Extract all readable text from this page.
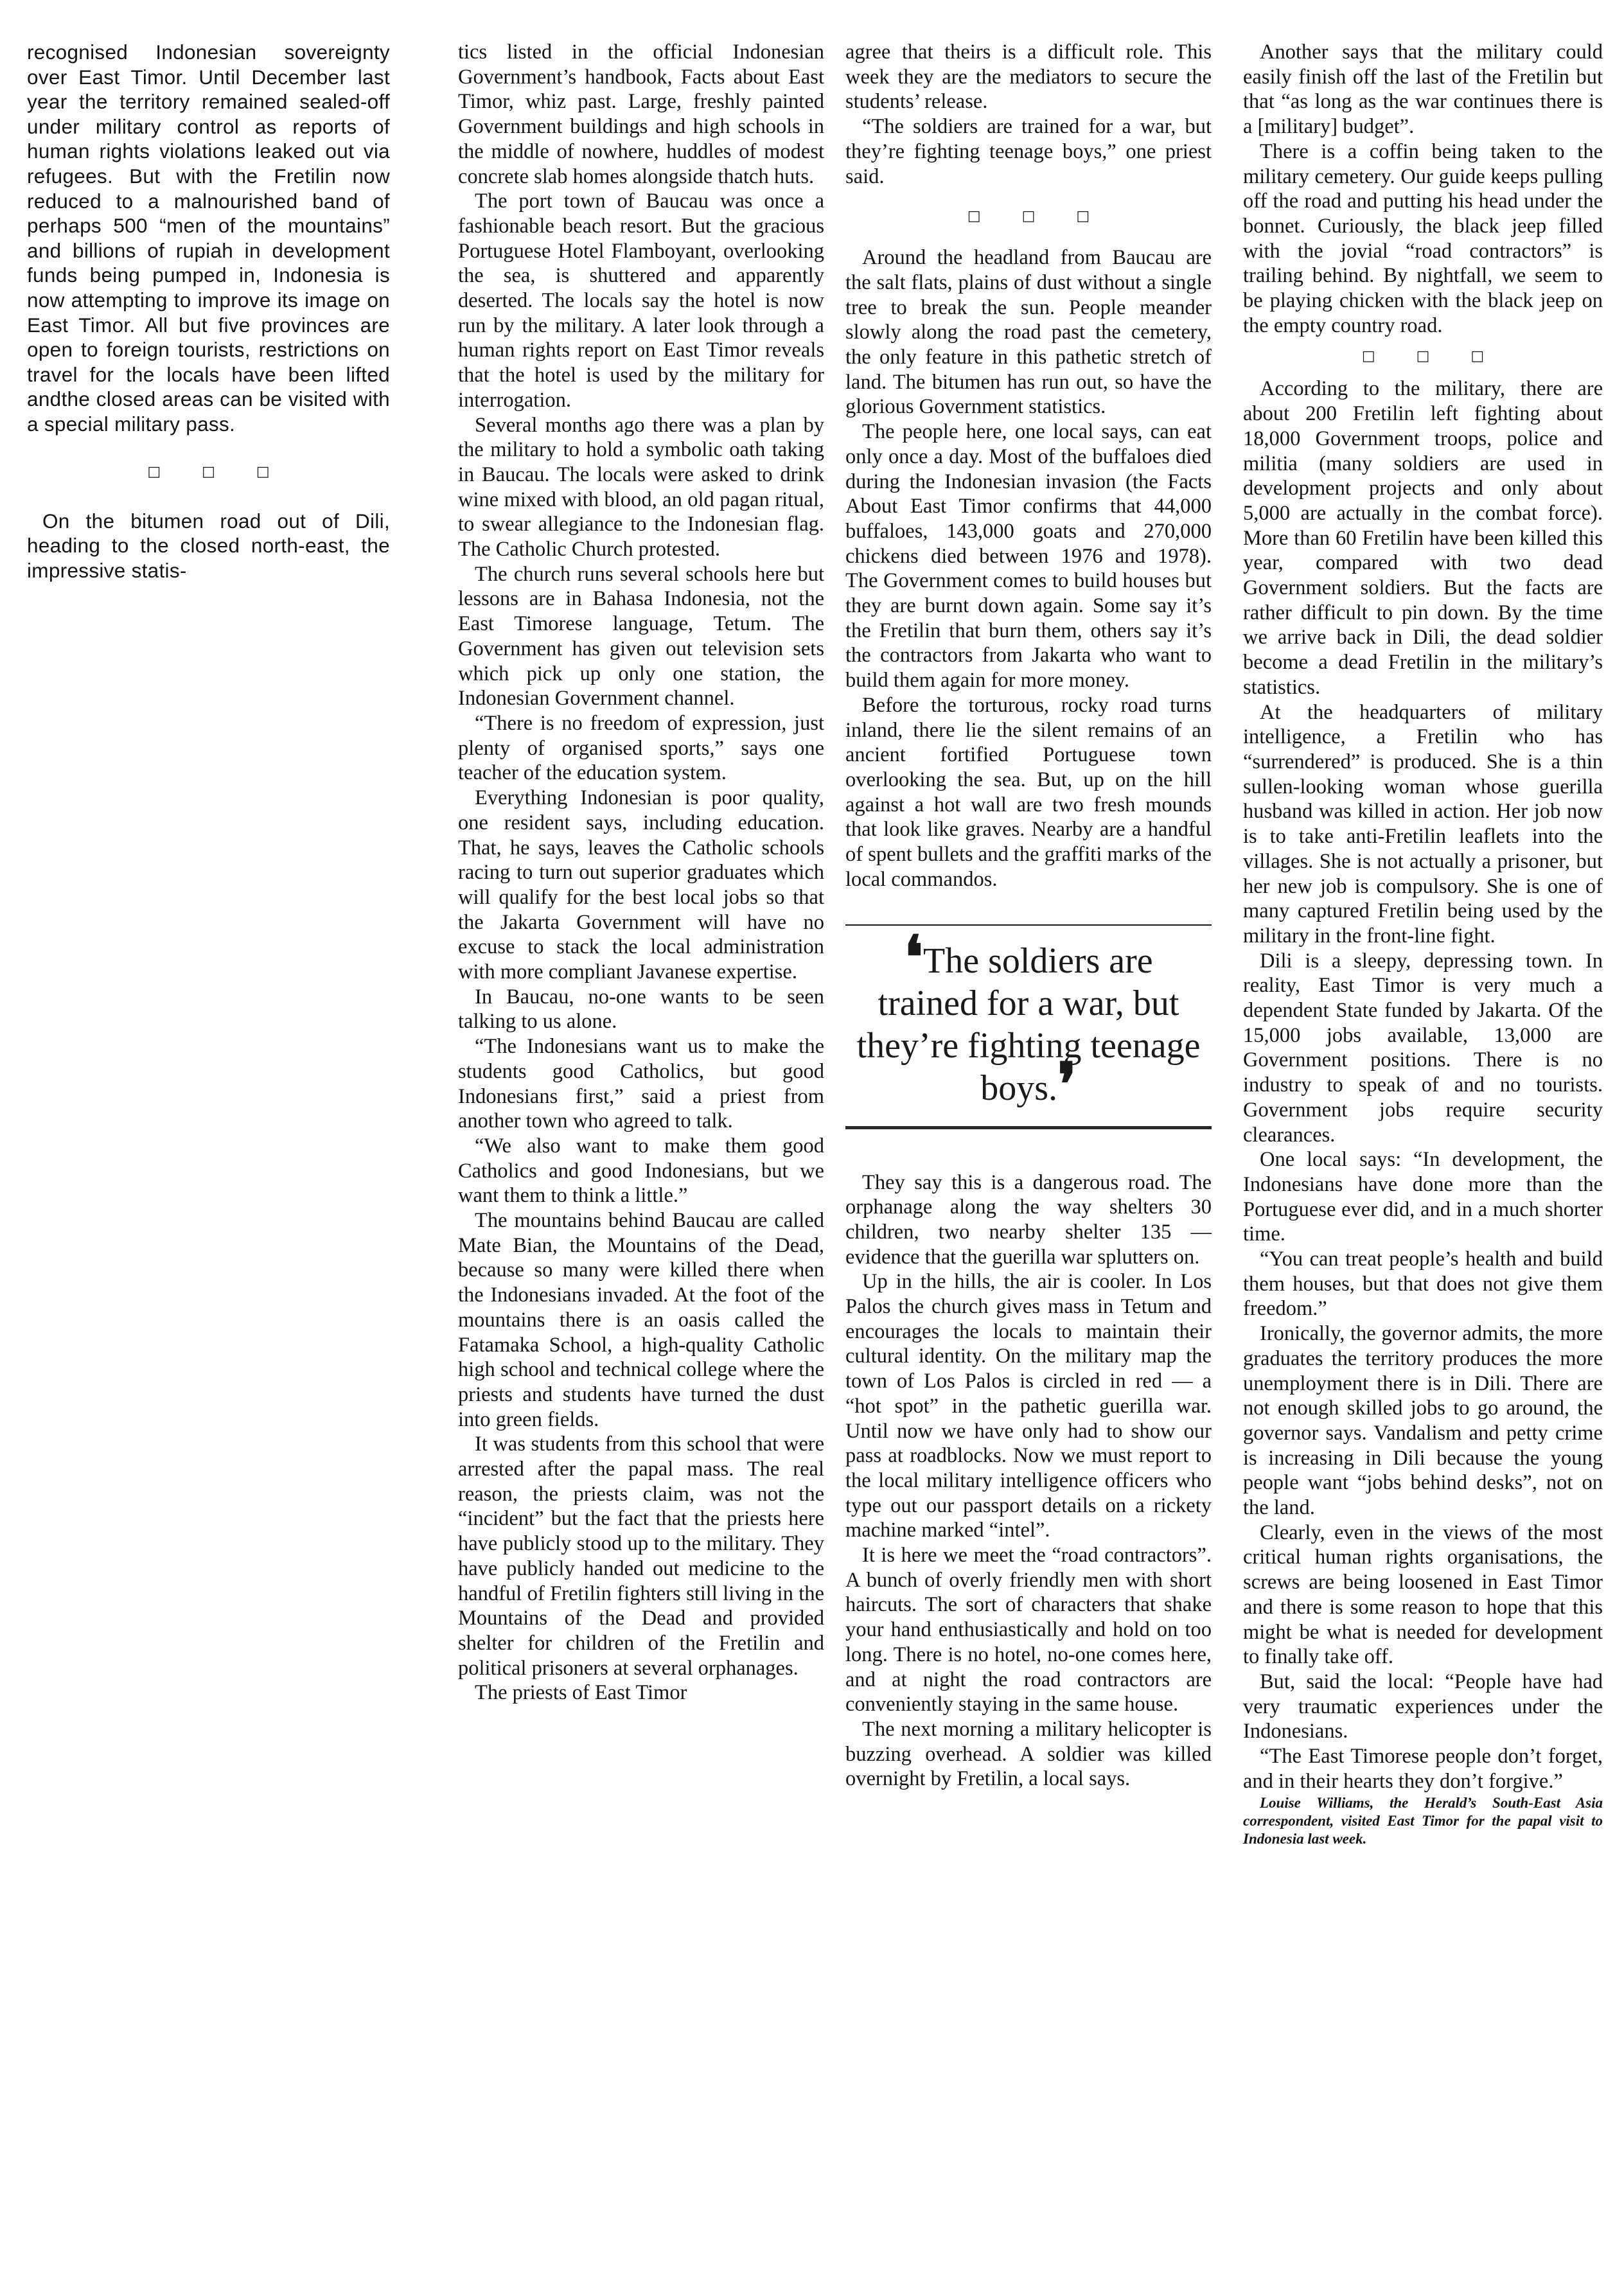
recognised Indonesian sovereignty over East Timor. Until December last year the territory remained sealed-off under military control as reports of human rights violations leaked out via refugees. But with the Fretilin now reduced to a malnourished band of perhaps 500 “men of the mountains” and billions of rupiah in development funds being pumped in, Indonesia is now attempting to improve its image on East Timor. All but five provinces are open to foreign tourists, restrictions on travel for the locals have been lifted andthe closed areas can be visited with a special military pass.

□□□

On the bitumen road out of Dili, heading to the closed north-east, the impressive statis-

tics listed in the official Indonesian Government’s handbook, Facts about East Timor, whiz past. Large, freshly painted Government buildings and high schools in the middle of nowhere, huddles of modest concrete slab homes alongside thatch huts.

The port town of Baucau was once a fashionable beach resort. But the gracious Portuguese Hotel Flamboyant, overlooking the sea, is shuttered and apparently deserted. The locals say the hotel is now run by the military. A later look through a human rights report on East Timor reveals that the hotel is used by the military for interrogation.

Several months ago there was a plan by the military to hold a symbolic oath taking in Baucau. The locals were asked to drink wine mixed with blood, an old pagan ritual, to swear allegiance to the Indonesian flag. The Catholic Church protested.

The church runs several schools here but lessons are in Bahasa Indonesia, not the East Timorese language, Tetum. The Government has given out television sets which pick up only one station, the Indonesian Government channel.

“There is no freedom of expression, just plenty of organised sports,” says one teacher of the education system.

Everything Indonesian is poor quality, one resident says, including education. That, he says, leaves the Catholic schools racing to turn out superior graduates which will qualify for the best local jobs so that the Jakarta Government will have no excuse to stack the local administration with more compliant Javanese expertise.

In Baucau, no-one wants to be seen talking to us alone.

“The Indonesians want us to make the students good Catholics, but good Indonesians first,” said a priest from another town who agreed to talk.

“We also want to make them good Catholics and good Indonesians, but we want them to think a little.”

The mountains behind Baucau are called Mate Bian, the Mountains of the Dead, because so many were killed there when the Indonesians invaded. At the foot of the mountains there is an oasis called the Fatamaka School, a high-quality Catholic high school and technical college where the priests and students have turned the dust into green fields.

It was students from this school that were arrested after the papal mass. The real reason, the priests claim, was not the “incident” but the fact that the priests here have publicly stood up to the military. They have publicly handed out medicine to the handful of Fretilin fighters still living in the Mountains of the Dead and provided shelter for children of the Fretilin and political prisoners at several orphanages.

The priests of East Timor

agree that theirs is a difficult role. This week they are the mediators to secure the students’ release.

“The soldiers are trained for a war, but they’re fighting teenage boys,” one priest said.

□□□

Around the headland from Baucau are the salt flats, plains of dust without a single tree to break the sun. People meander slowly along the road past the cemetery, the only feature in this pathetic stretch of land. The bitumen has run out, so have the glorious Government statistics.

The people here, one local says, can eat only once a day. Most of the buffaloes died during the Indonesian invasion (the Facts About East Timor confirms that 44,000 buffaloes, 143,000 goats and 270,000 chickens died between 1976 and 1978). The Government comes to build houses but they are burnt down again. Some say it’s the Fretilin that burn them, others say it’s the contractors from Jakarta who want to build them again for more money.

Before the torturous, rocky road turns inland, there lie the silent remains of an ancient fortified Portuguese town overlooking the sea. But, up on the hill against a hot wall are two fresh mounds that look like graves. Nearby are a handful of spent bullets and the graffiti marks of the local commandos.

❛The soldiers are trained for a war, but they’re fighting teenage boys.❜

They say this is a dangerous road. The orphanage along the way shelters 30 children, two nearby shelter 135 — evidence that the guerilla war splutters on.

Up in the hills, the air is cooler. In Los Palos the church gives mass in Tetum and encourages the locals to maintain their cultural identity. On the military map the town of Los Palos is circled in red — a “hot spot” in the pathetic guerilla war. Until now we have only had to show our pass at roadblocks. Now we must report to the local military intelligence officers who type out our passport details on a rickety machine marked “intel”.

It is here we meet the “road contractors”. A bunch of overly friendly men with short haircuts. The sort of characters that shake your hand enthusiastically and hold on too long. There is no hotel, no-one comes here, and at night the road contractors are conveniently staying in the same house.

The next morning a military helicopter is buzzing overhead. A soldier was killed overnight by Fretilin, a local says.

Another says that the military could easily finish off the last of the Fretilin but that “as long as the war continues there is a [military] budget”.

There is a coffin being taken to the military cemetery. Our guide keeps pulling off the road and putting his head under the bonnet. Curiously, the black jeep filled with the jovial “road contractors” is trailing behind. By nightfall, we seem to be playing chicken with the black jeep on the empty country road.

□□□

According to the military, there are about 200 Fretilin left fighting about 18,000 Government troops, police and militia (many soldiers are used in development projects and only about 5,000 are actually in the combat force). More than 60 Fretilin have been killed this year, compared with two dead Government soldiers. But the facts are rather difficult to pin down. By the time we arrive back in Dili, the dead soldier become a dead Fretilin in the military’s statistics.

At the headquarters of military intelligence, a Fretilin who has “surrendered” is produced. She is a thin sullen-looking woman whose guerilla husband was killed in action. Her job now is to take anti-Fretilin leaflets into the villages. She is not actually a prisoner, but her new job is compulsory. She is one of many captured Fretilin being used by the military in the front-line fight.

Dili is a sleepy, depressing town. In reality, East Timor is very much a dependent State funded by Jakarta. Of the 15,000 jobs available, 13,000 are Government positions. There is no industry to speak of and no tourists. Government jobs require security clearances.

One local says: “In development, the Indonesians have done more than the Portuguese ever did, and in a much shorter time.

“You can treat people’s health and build them houses, but that does not give them freedom.”

Ironically, the governor admits, the more graduates the territory produces the more unemployment there is in Dili. There are not enough skilled jobs to go around, the governor says. Vandalism and petty crime is increasing in Dili because the young people want “jobs behind desks”, not on the land.

Clearly, even in the views of the most critical human rights organisations, the screws are being loosened in East Timor and there is some reason to hope that this might be what is needed for development to finally take off.

But, said the local: “People have had very traumatic experiences under the Indonesians.

“The East Timorese people don’t forget, and in their hearts they don’t forgive.”

Louise Williams, the Herald’s South-East Asia correspondent, visited East Timor for the papal visit to Indonesia last week.
